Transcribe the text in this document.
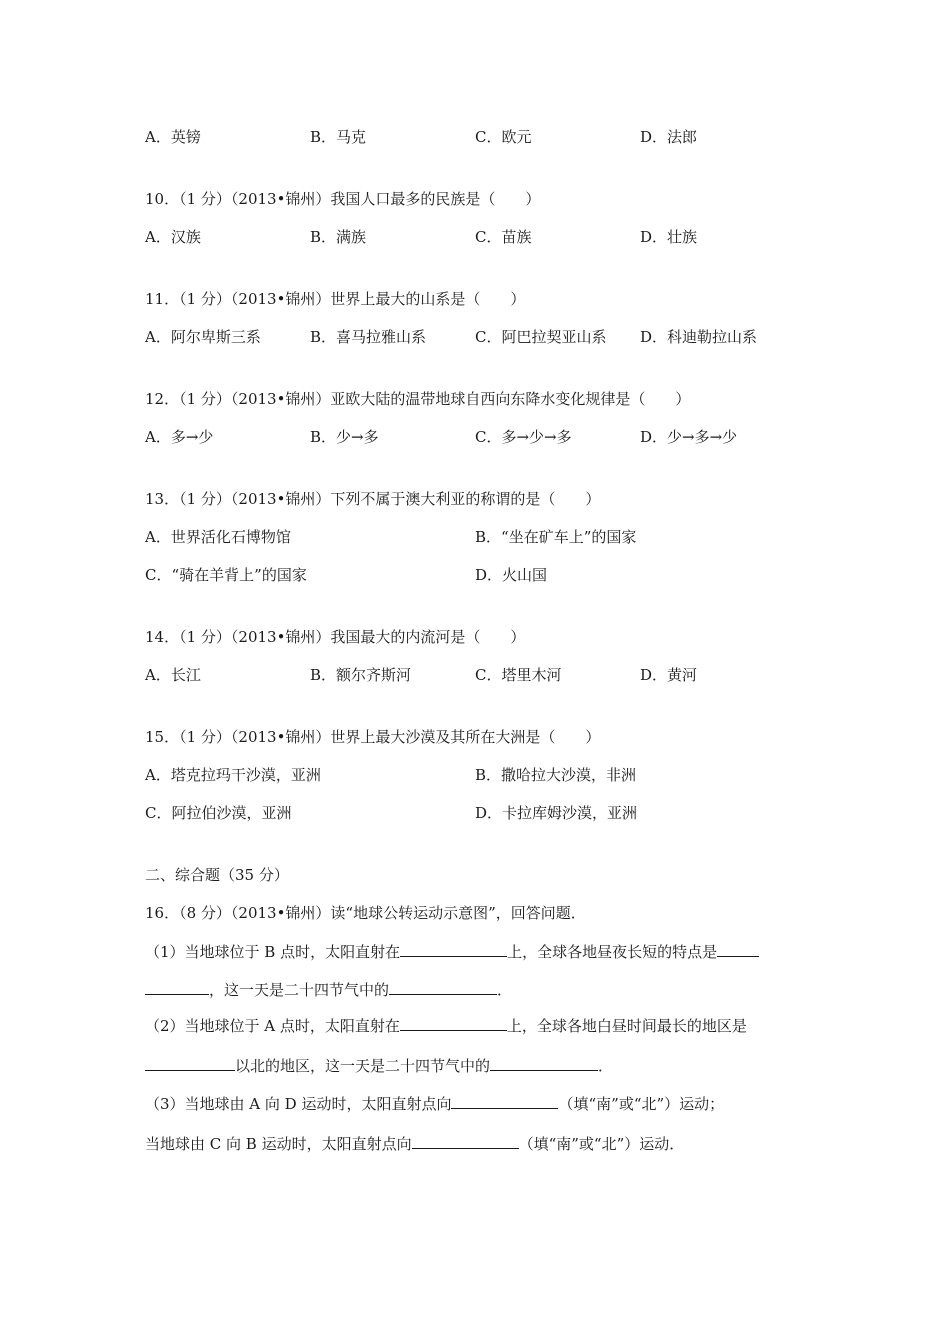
A．英镑	B．马克	C．欧元	D．法郎
10．（1 分）（2013•锦州）我国人口最多的民族是（　　）
A．汉族	B．满族	C．苗族	D．壮族
11．（1 分）（2013•锦州）世界上最大的山系是（　　）
A．阿尔卑斯三系	B．喜马拉雅山系	C．阿巴拉契亚山系 D．科迪勒拉山系
12．（1 分）（2013•锦州）亚欧大陆的温带地球自西向东降水变化规律是（　　）
A．多→少	B．少→多	C．多→少→多	D．少→多→少
13．（1 分）（2013•锦州）下列不属于澳大利亚的称谓的是（　　）
A．世界活化石博物馆	B．“坐在矿车上”的国家
C．“骑在羊背上”的国家	D．火山国
14．（1 分）（2013•锦州）我国最大的内流河是（　　）
A．长江	B．额尔齐斯河	C．塔里木河	D．黄河
15．（1 分）（2013•锦州）世界上最大沙漠及其所在大洲是（　　）
A．塔克拉玛干沙漠，亚洲	B．撒哈拉大沙漠，非洲
C．阿拉伯沙漠，亚洲	D．卡拉库姆沙漠，亚洲
二、综合题（35 分）
16．（8 分）（2013•锦州）读“地球公转运动示意图”，回答问题．
（1）当地球位于 B 点时，太阳直射在	上，全球各地昼夜长短的特点是
，这一天是二十四节气中的	．
（2）当地球位于 A 点时，太阳直射在	上，全球各地白昼时间最长的地区是
以北的地区，这一天是二十四节气中的	．
（3）当地球由 A 向 D 运动时，太阳直射点向	（填“南”或“北”）运动；
当地球由 C 向 B 运动时，太阳直射点向	（填“南”或“北”）运动．
